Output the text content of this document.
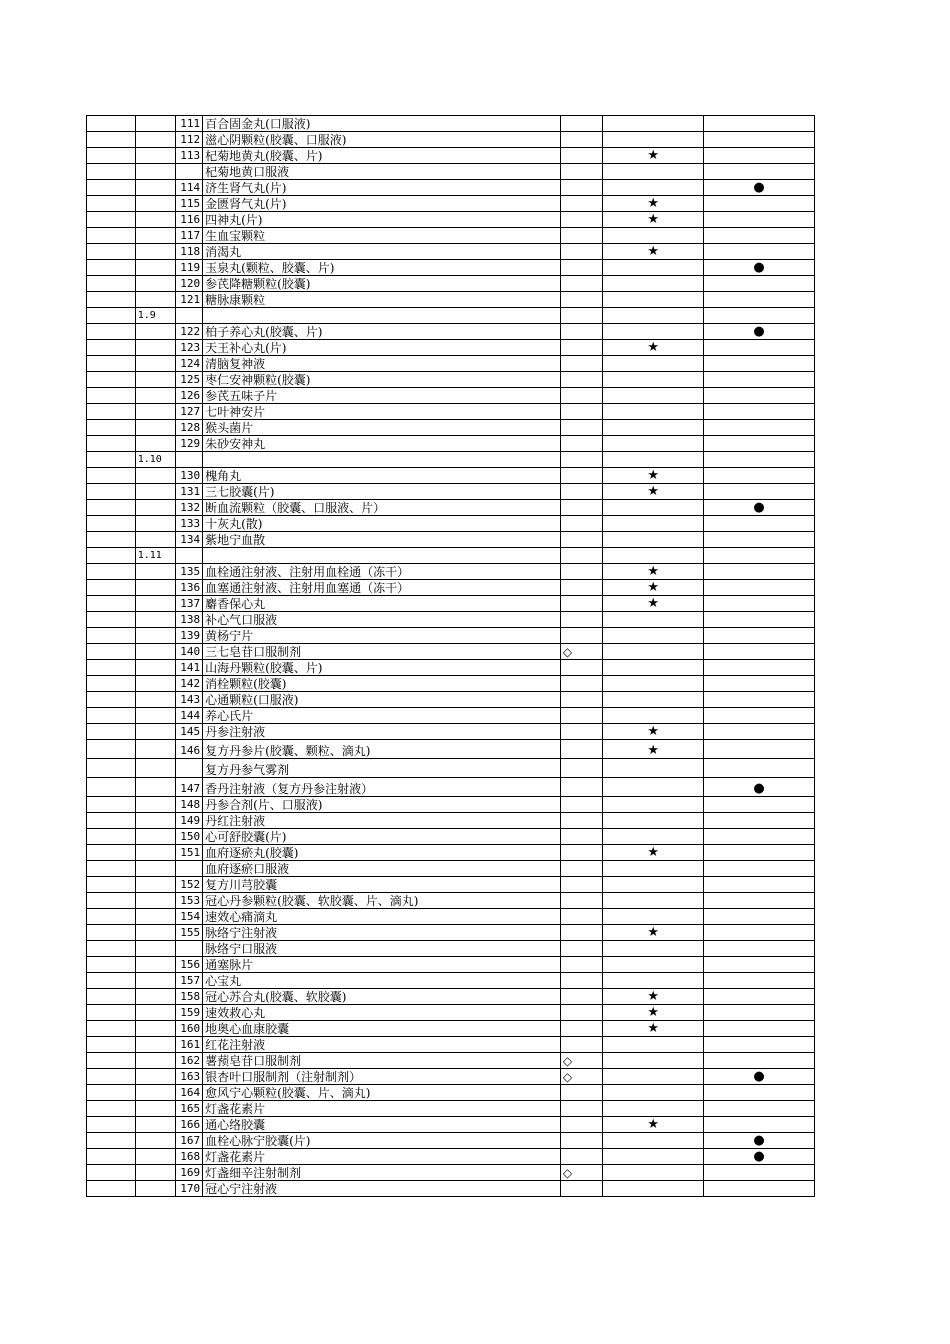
		111	百合固金丸(口服液)			
		112	滋心阴颗粒(胶囊、口服液)			
		113	杞菊地黄丸(胶囊、片)		★	
			杞菊地黄口服液			
		114	济生肾气丸(片)			●
		115	金匮肾气丸(片)		★	
		116	四神丸(片)		★	
		117	生血宝颗粒			
		118	消渴丸		★	
		119	玉泉丸(颗粒、胶囊、片)			●
		120	参芪降糖颗粒(胶囊)			
		121	糖脉康颗粒			
	1.9					
		122	柏子养心丸(胶囊、片)			●
		123	天王补心丸(片)		★	
		124	清脑复神液			
		125	枣仁安神颗粒(胶囊)			
		126	参芪五味子片			
		127	七叶神安片			
		128	猴头菌片			
		129	朱砂安神丸			
	1.10					
		130	槐角丸		★	
		131	三七胶囊(片)		★	
		132	断血流颗粒（胶囊、口服液、片）			●
		133	十灰丸(散)			
		134	紫地宁血散			
	1.11					
		135	血栓通注射液、注射用血栓通（冻干）		★	
		136	血塞通注射液、注射用血塞通（冻干）		★	
		137	麝香保心丸		★	
		138	补心气口服液			
		139	黄杨宁片			
		140	三七皂苷口服制剂	◇		
		141	山海丹颗粒(胶囊、片)			
		142	消栓颗粒(胶囊)			
		143	心通颗粒(口服液)			
		144	养心氏片			
		145	丹参注射液		★	
		146	复方丹参片(胶囊、颗粒、滴丸)		★	
			复方丹参气雾剂			
		147	香丹注射液（复方丹参注射液）			●
		148	丹参合剂(片、口服液)			
		149	丹红注射液			
		150	心可舒胶囊(片)			
		151	血府逐瘀丸(胶囊)		★	
			血府逐瘀口服液			
		152	复方川芎胶囊			
		153	冠心丹参颗粒(胶囊、软胶囊、片、滴丸)			
		154	速效心痛滴丸			
		155	脉络宁注射液		★	
			脉络宁口服液			
		156	通塞脉片			
		157	心宝丸			
		158	冠心苏合丸(胶囊、软胶囊)		★	
		159	速效救心丸		★	
		160	地奥心血康胶囊		★	
		161	红花注射液			
		162	薯蓣皂苷口服制剂	◇		
		163	银杏叶口服制剂（注射制剂）	◇		●
		164	愈风宁心颗粒(胶囊、片、滴丸)			
		165	灯盏花素片			
		166	通心络胶囊		★	
		167	血栓心脉宁胶囊(片)			●
		168	灯盏花素片			●
		169	灯盏细辛注射制剂	◇		
		170	冠心宁注射液			
